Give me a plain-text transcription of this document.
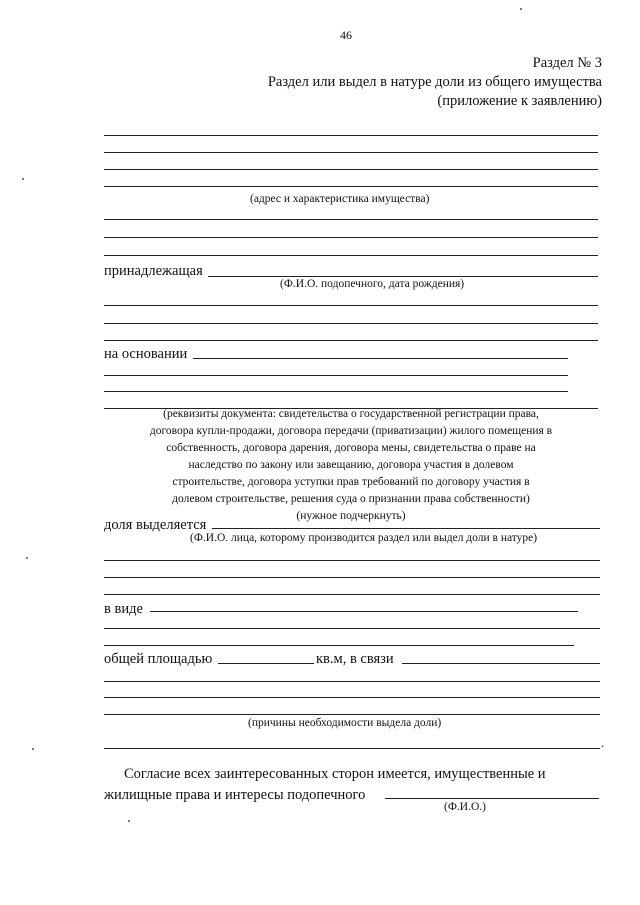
46
Раздел № 3
Раздел или выдел в натуре доли из общего имущества
(приложение к заявлению)
(адрес и характеристика имущества)
принадлежащая
(Ф.И.О. подопечного, дата рождения)
на основании

(реквизиты документа: свидетельства о государственной регистрации права,

договора купли-продажи, договора передачи (приватизации) жилого помещения в

собственность, договора дарения, договора мены, свидетельства о праве на

наследство по закону или завещанию, договора участия в долевом

строительстве, договора уступки прав требований по договору участия в

долевом строительстве, решения суда о признании права собственности)

(нужное подчеркнуть)

доля выделяется
(Ф.И.О. лица, которому производится раздел или выдел доли в натуре)
в виде
общей площадью	кв.м, в связи
(причины необходимости выдела доли)
.
Согласие всех заинтересованных сторон имеется, имущественные и
жилищные права и интересы подопечного
(Ф.И.О.)
